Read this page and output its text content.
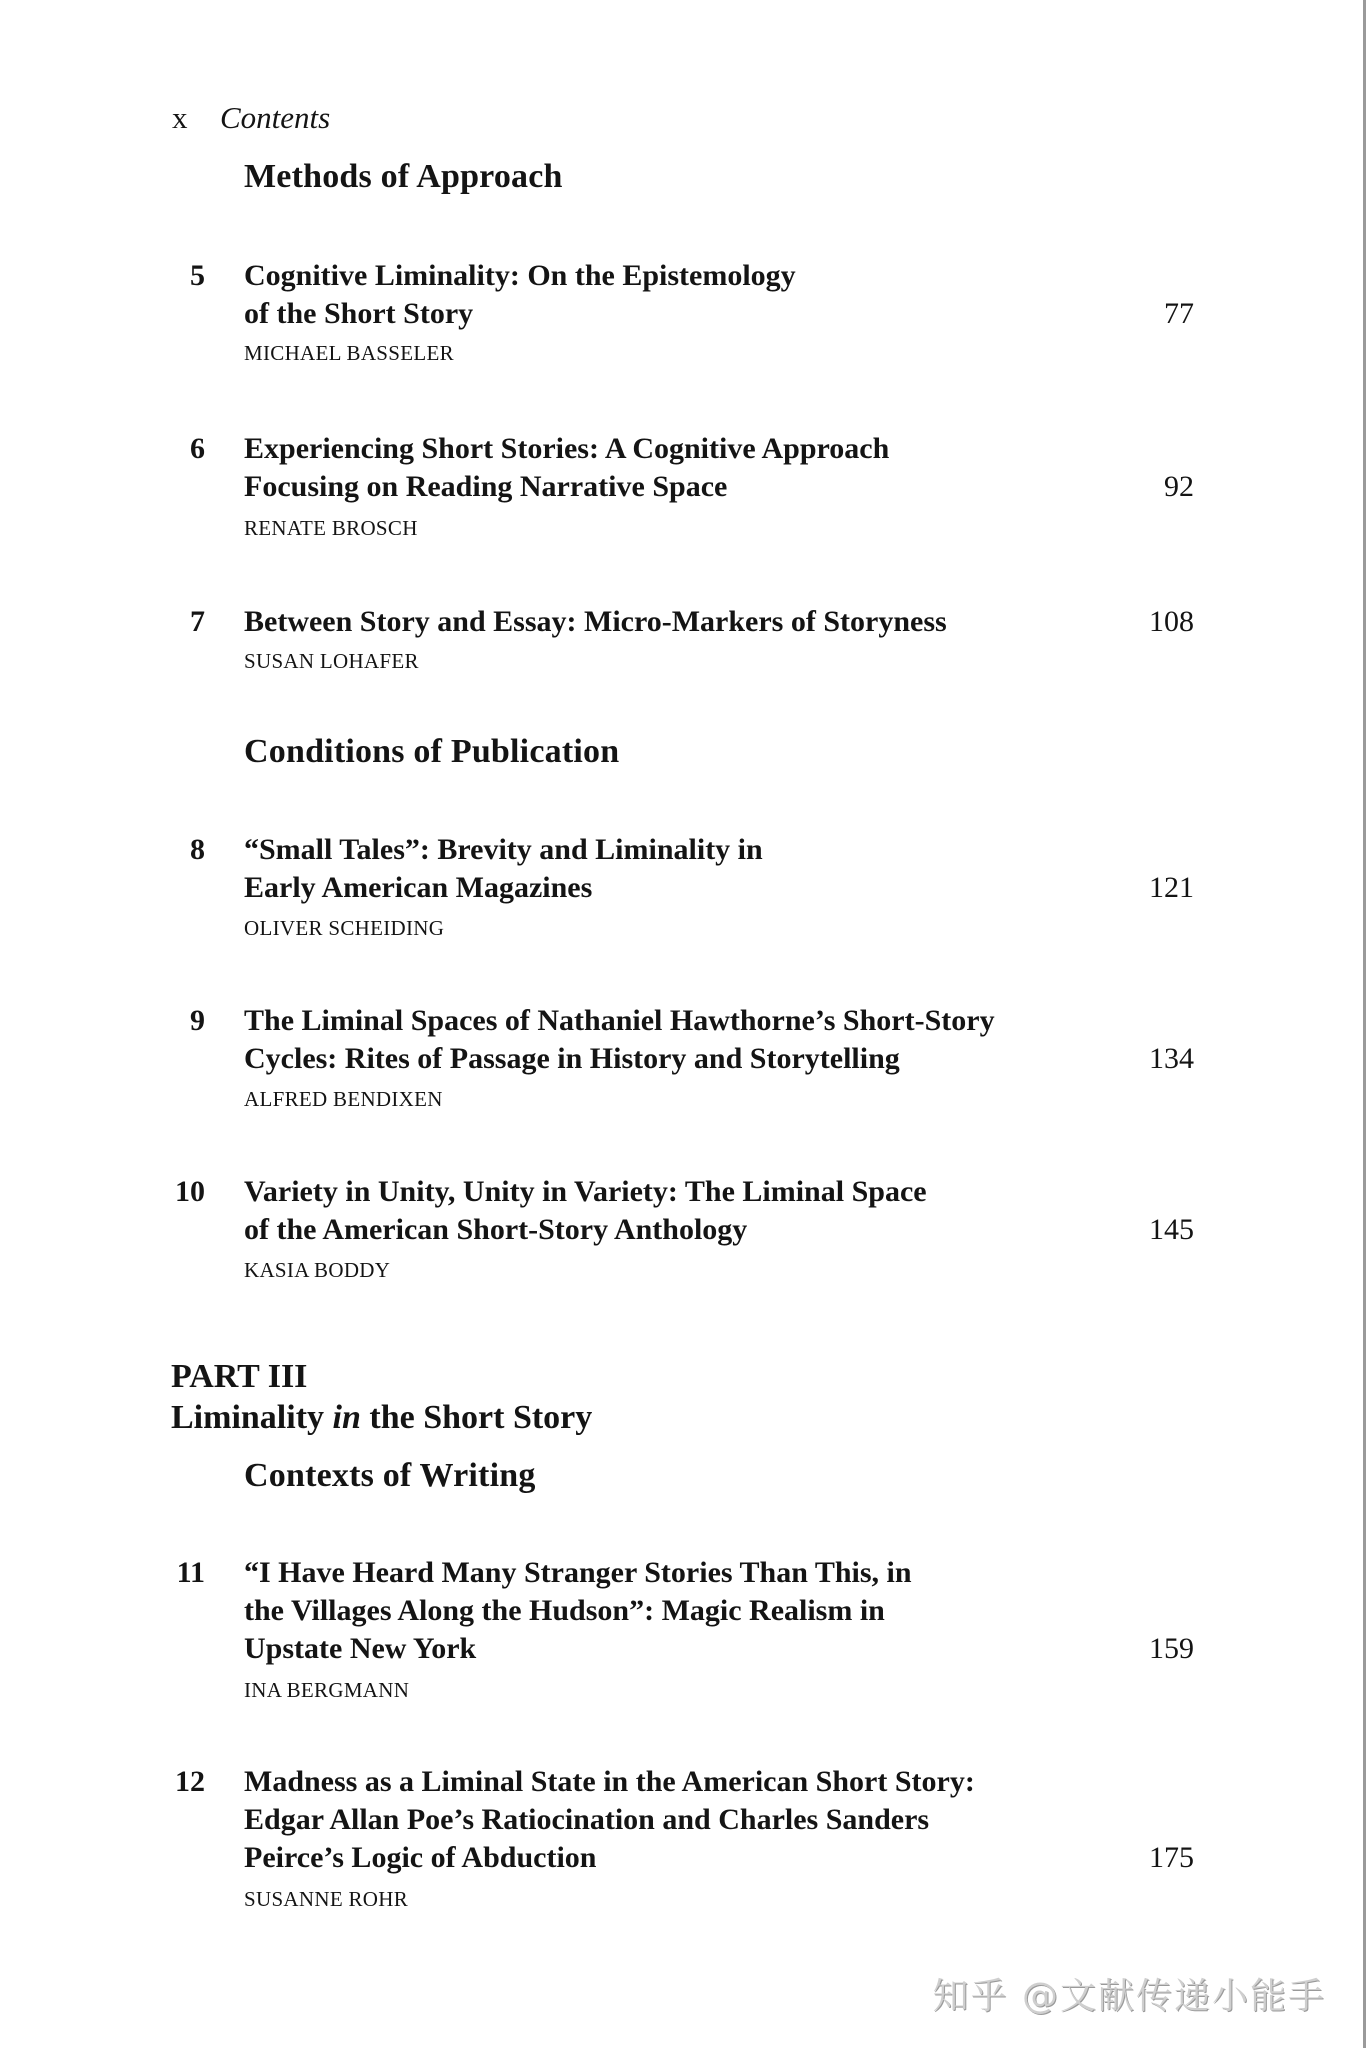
x Contents
Methods of Approach
5 Cognitive Liminality: On the Epistemology
of the Short Story	77
MICHAEL BASSELER
6 Experiencing Short Stories: A Cognitive Approach
Focusing on Reading Narrative Space	92
RENATE BROSCH
7 Between Story and Essay: Micro-Markers of Storyness	108
SUSAN LOHAFER
Conditions of Publication
8 “Small Tales”: Brevity and Liminality in
Early American Magazines	121
OLIVER SCHEIDING
9 The Liminal Spaces of Nathaniel Hawthorne’s Short-Story
Cycles: Rites of Passage in History and Storytelling	134
ALFRED BENDIXEN
10 Variety in Unity, Unity in Variety: The Liminal Space
of the American Short-Story Anthology	145
KASIA BODDY
PART III
Liminality in the Short Story
Contexts of Writing
11 “I Have Heard Many Stranger Stories Than This, in
the Villages Along the Hudson”: Magic Realism in
Upstate New York	159
INA BERGMANN
12 Madness as a Liminal State in the American Short Story:
Edgar Allan Poe’s Ratiocination and Charles Sanders
Peirce’s Logic of Abduction	175
SUSANNE ROHR
知乎 @文献传递小能手
